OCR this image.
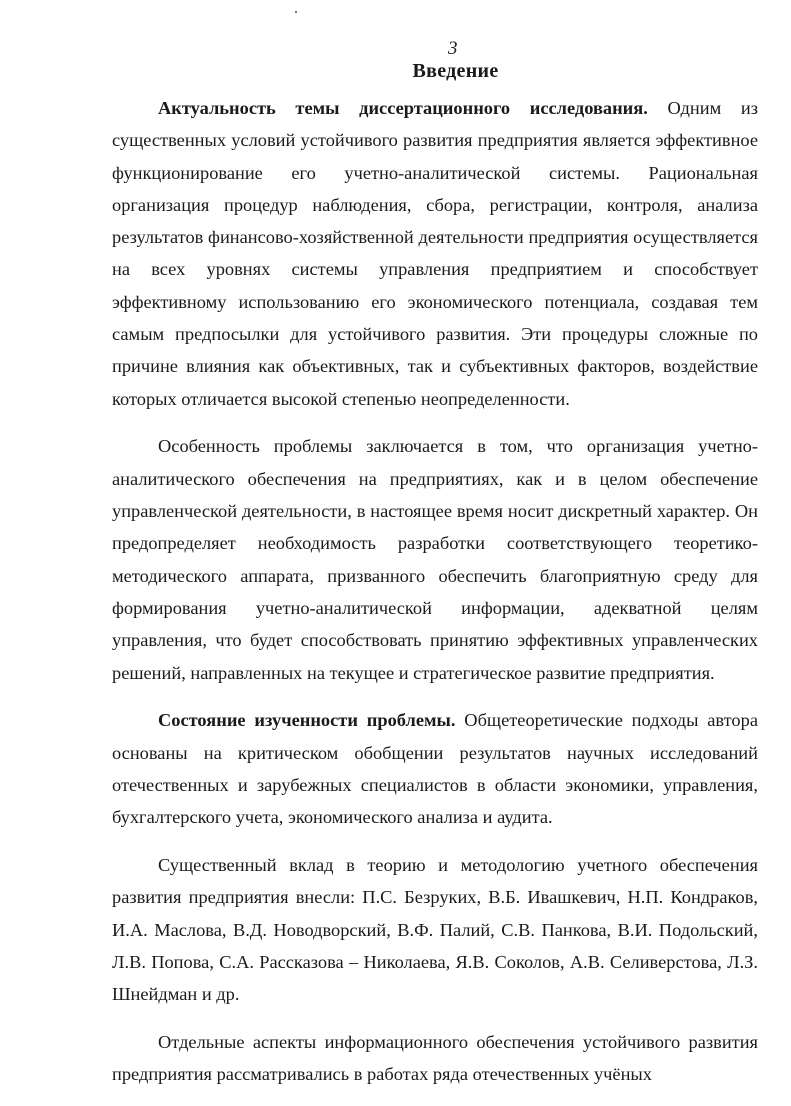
3
Введение

Актуальность темы диссертационного исследования. Одним из существенных условий устойчивого развития предприятия является эффективное функционирование его учетно-аналитической системы. Рациональная организация процедур наблюдения, сбора, регистрации, контроля, анализа результатов финансово-хозяйственной деятельности предприятия осуществляется на всех уровнях системы управления предприятием и способствует эффективному использованию его экономического потенциала, создавая тем самым предпосылки для устойчивого развития. Эти процедуры сложные по причине влияния как объективных, так и субъективных факторов, воздействие которых отличается высокой степенью неопределенности.

Особенность проблемы заключается в том, что организация учетно-аналитического обеспечения на предприятиях, как и в целом обеспечение управленческой деятельности, в настоящее время носит дискретный характер. Он предопределяет необходимость разработки соответствующего теоретико-методического аппарата, призванного обеспечить благоприятную среду для формирования учетно-аналитической информации, адекватной целям управления, что будет способствовать принятию эффективных управленческих решений, направленных на текущее и стратегическое развитие предприятия.

Состояние изученности проблемы. Общетеоретические подходы автора основаны на критическом обобщении результатов научных исследований отечественных и зарубежных специалистов в области экономики, управления, бухгалтерского учета, экономического анализа и аудита.

Существенный вклад в теорию и методологию учетного обеспечения развития предприятия внесли: П.С. Безруких, В.Б. Ивашкевич, Н.П. Кондраков, И.А. Маслова, В.Д. Новодворский, В.Ф. Палий, С.В. Панкова, В.И. Подольский, Л.В. Попова, С.А. Рассказова – Николаева, Я.В. Соколов, А.В. Селиверстова, Л.З. Шнейдман и др.

Отдельные аспекты информационного обеспечения устойчивого развития предприятия рассматривались в работах ряда отечественных учёных
